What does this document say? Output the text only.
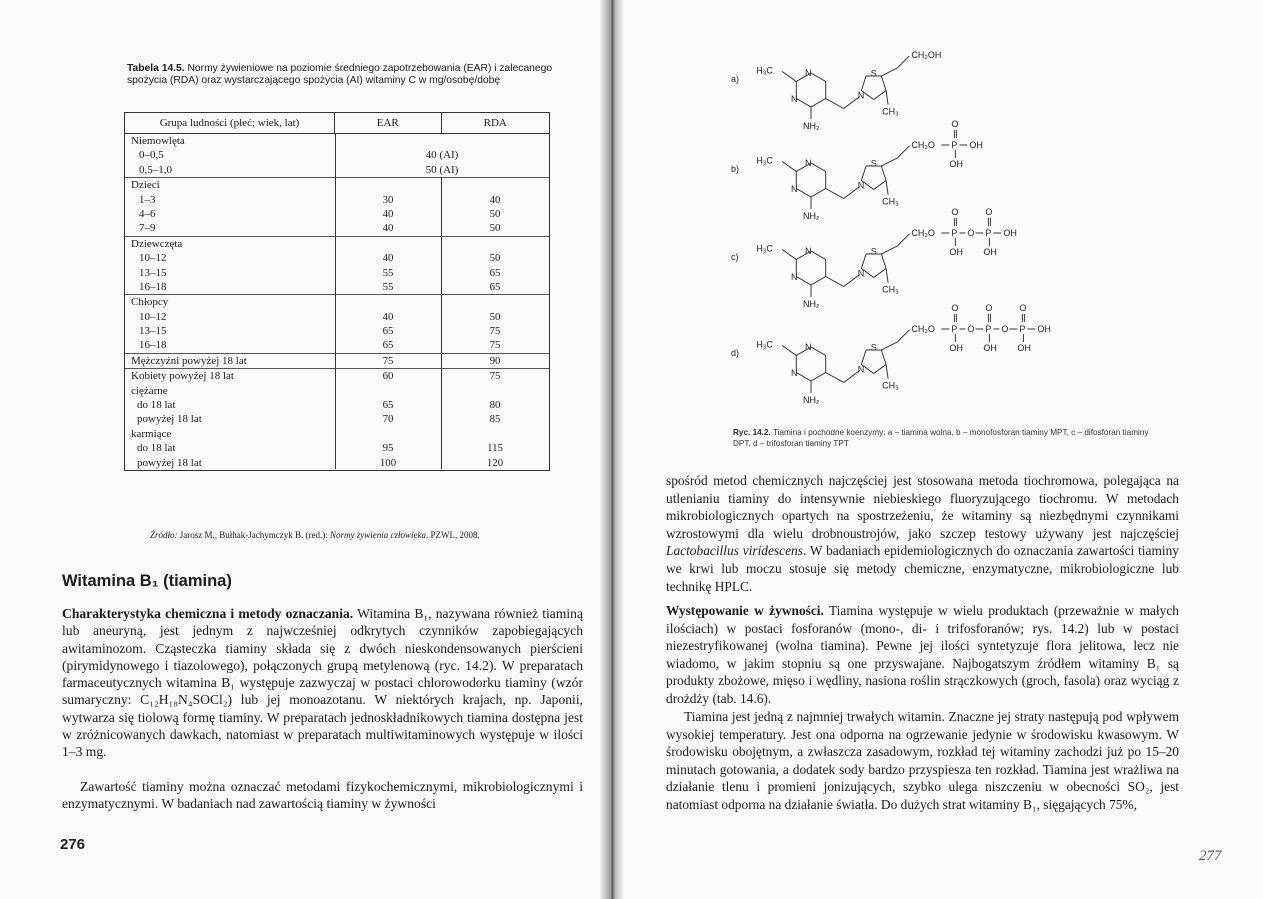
Tabela 14.5. Normy żywieniowe na poziomie średniego zapotrzebowania (EAR) i zalecanego spożycia (RDA) oraz wystarczającego spożycia (AI) witaminy C w mg/osobę/dobę
Grupa ludności (płeć; wiek, lat)	EAR	RDA
Niemowlęta
0–0,5	40 (AI)
0,5–1,0	50 (AI)
Dzieci
1–3	30	40
4–6	40	50
7–9	40	50
Dziewczęta
10–12	40	50
13–15	55	65
16–18	55	65
Chłopcy
10–12	40	50
13–15	65	75
16–18	65	75
Mężczyźni powyżej 18 lat	75	90
Kobiety powyżej 18 lat	60	75
ciężarne
do 18 lat	65	80
powyżej 18 lat	70	85
karmiące
do 18 lat	95	115
powyżej 18 lat	100	120
Źródło: Jarosz M., Bułhak-Jachymczyk B. (red.): Normy żywienia człowieka. PZWL, 2008.
Witamina B₁ (tiamina)

Charakterystyka chemiczna i metody oznaczania. Witamina B₁, nazywana również tiaminą lub aneuryną, jest jednym z najwcześniej odkrytych czynników zapobiegających awitaminozom. Cząsteczka tiaminy składa się z dwóch nieskondensowanych pierścieni (pirymidynowego i tiazolowego), połączonych grupą metylenową (ryc. 14.2). W preparatach farmaceutycznych witamina B₁ występuje zazwyczaj w postaci chlorowodorku tiaminy (wzór sumaryczny: C₁₂H₁₈N₄SOCl₂) lub jej monoazotanu. W niektórych krajach, np. Japonii, wytwarza się tiolową formę tiaminy. W preparatach jednoskładnikowych tiamina dostępna jest w zróżnicowanych dawkach, natomiast w preparatach multiwitaminowych występuje w ilości 1–3 mg.

Zawartość tiaminy można oznaczać metodami fizykochemicznymi, mikrobiologicznymi i enzymatycznymi. W badaniach nad zawartością tiaminy w żywności

276
a)
H₃C	N
N
NH₂
S
N
CH₃
CH₂OH
b)
H₃C	N
N
NH₂
S
N
CH₃
CH₂O P
O
OH
OH
c)
H₃C	N
N
NH₂
S
N
CH₃
CH₂O P
O
OH
O P
O
OH
OH
d)
H₃C	N
N
NH₂
S
N
CH₃
CH₂O P
O
OH
O P
O
OH
O P
O
OH
OH
Ryc. 14.2. Tiamina i pochodne koenzymy: a – tiamina wolna, b – monofosforan tiaminy MPT, c – difosforan tiaminy DPT, d – trifosforan tiaminy TPT

spośród metod chemicznych najczęściej jest stosowana metoda tiochromowa, polegająca na utlenianiu tiaminy do intensywnie niebieskiego fluoryzującego tiochromu. W metodach mikrobiologicznych opartych na spostrzeżeniu, że witaminy są niezbędnymi czynnikami wzrostowymi dla wielu drobnoustrojów, jako szczep testowy używany jest najczęściej Lactobacillus viridescens. W badaniach epidemiologicznych do oznaczania zawartości tiaminy we krwi lub moczu stosuje się metody chemiczne, enzymatyczne, mikrobiologiczne lub technikę HPLC.

Występowanie w żywności. Tiamina występuje w wielu produktach (przeważnie w małych ilościach) w postaci fosforanów (mono-, di- i trifosforanów; rys. 14.2) lub w postaci niezestryfikowanej (wolna tiamina). Pewne jej ilości syntetyzuje flora jelitowa, lecz nie wiadomo, w jakim stopniu są one przyswajane. Najbogatszym źródłem witaminy B₁ są produkty zbożowe, mięso i wędliny, nasiona roślin strączkowych (groch, fasola) oraz wyciąg z drożdży (tab. 14.6).

Tiamina jest jedną z najmniej trwałych witamin. Znaczne jej straty następują pod wpływem wysokiej temperatury. Jest ona odporna na ogrzewanie jedynie w środowisku kwasowym. W środowisku obojętnym, a zwłaszcza zasadowym, rozkład tej witaminy zachodzi już po 15–20 minutach gotowania, a dodatek sody bardzo przyspiesza ten rozkład. Tiamina jest wrażliwa na działanie tlenu i promieni jonizujących, szybko ulega niszczeniu w obecności SO₂, jest natomiast odporna na działanie światła. Do dużych strat witaminy B₁, sięgających 75%,

277
